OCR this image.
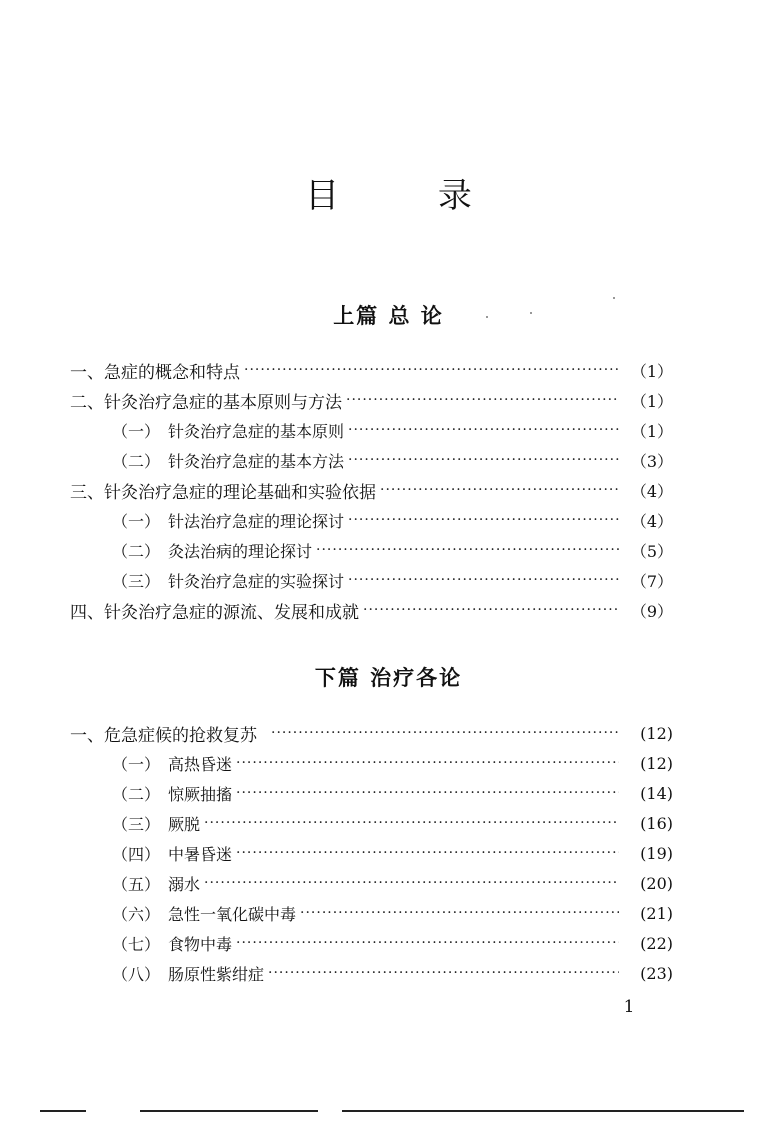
目 录
上篇 总 论
一、急症的概念和特点 ·····	（1）
二、针灸治疗急症的基本原则与方法 ·····	（1）
（一） 针灸治疗急症的基本原则 ·····	（1）
（二） 针灸治疗急症的基本方法 ·····	（3）
三、针灸治疗急症的理论基础和实验依据 ·····	（4）
（一） 针法治疗急症的理论探讨 ·····	（4）
（二） 灸法治病的理论探讨 ·····	（5）
（三） 针灸治疗急症的实验探讨 ·····	（7）
四、针灸治疗急症的源流、发展和成就 ·····	（9）
下篇 治疗各论
一、危急症候的抢救复苏 ·····	(12)
（一） 高热昏迷 ·····	(12)
（二） 惊厥抽搐 ·····	(14)
（三） 厥脱 ·····	(16)
（四） 中暑昏迷 ·····	(19)
（五） 溺水 ·····	(20)
（六） 急性一氧化碳中毒 ·····	(21)
（七） 食物中毒 ·····	(22)
（八） 肠原性紫绀症 ·····	(23)
1
